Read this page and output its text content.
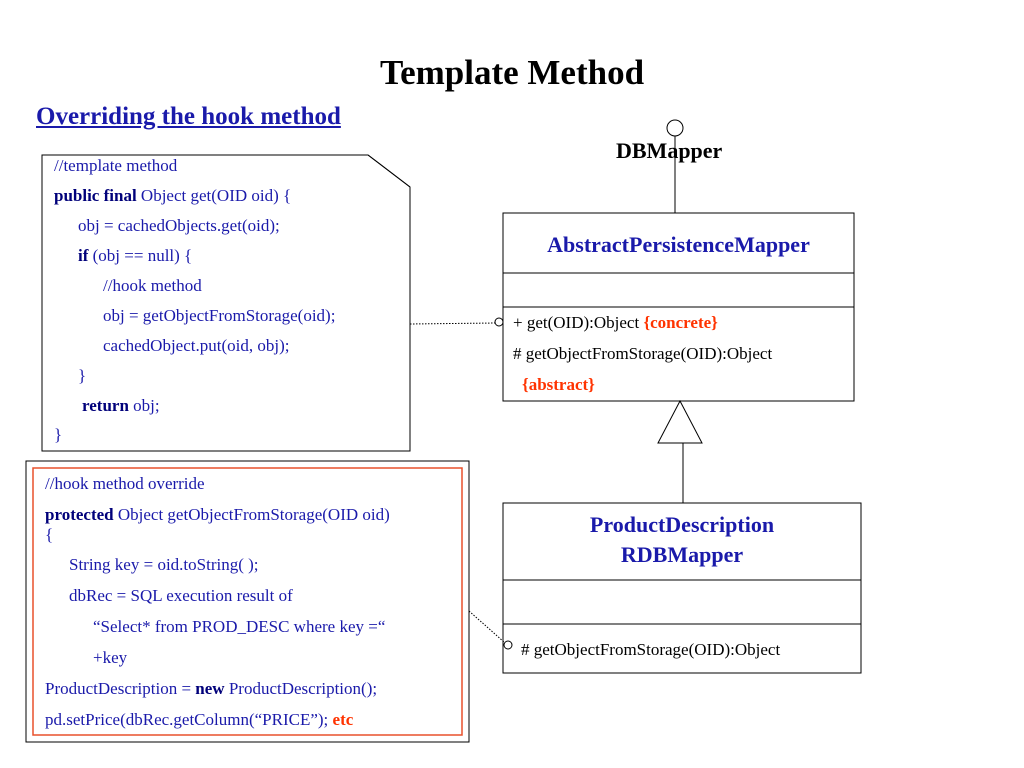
Template Method
Overriding the hook method
//template method
public final Object get(OID oid) {
obj = cachedObjects.get(oid);
if (obj == null) {
//hook method
obj = getObjectFromStorage(oid);
cachedObject.put(oid, obj);
}
return obj;
}
//hook method override
protected Object getObjectFromStorage(OID oid)
{
String key = oid.toString( );
dbRec = SQL execution result of
“Select* from PROD_DESC where key =“
+key
ProductDescription = new ProductDescription();
pd.setPrice(dbRec.getColumn(“PRICE”); etc
DBMapper
AbstractPersistenceMapper
+ get(OID):Object {concrete}
# getObjectFromStorage(OID):Object
{abstract}
ProductDescription
RDBMapper
# getObjectFromStorage(OID):Object
